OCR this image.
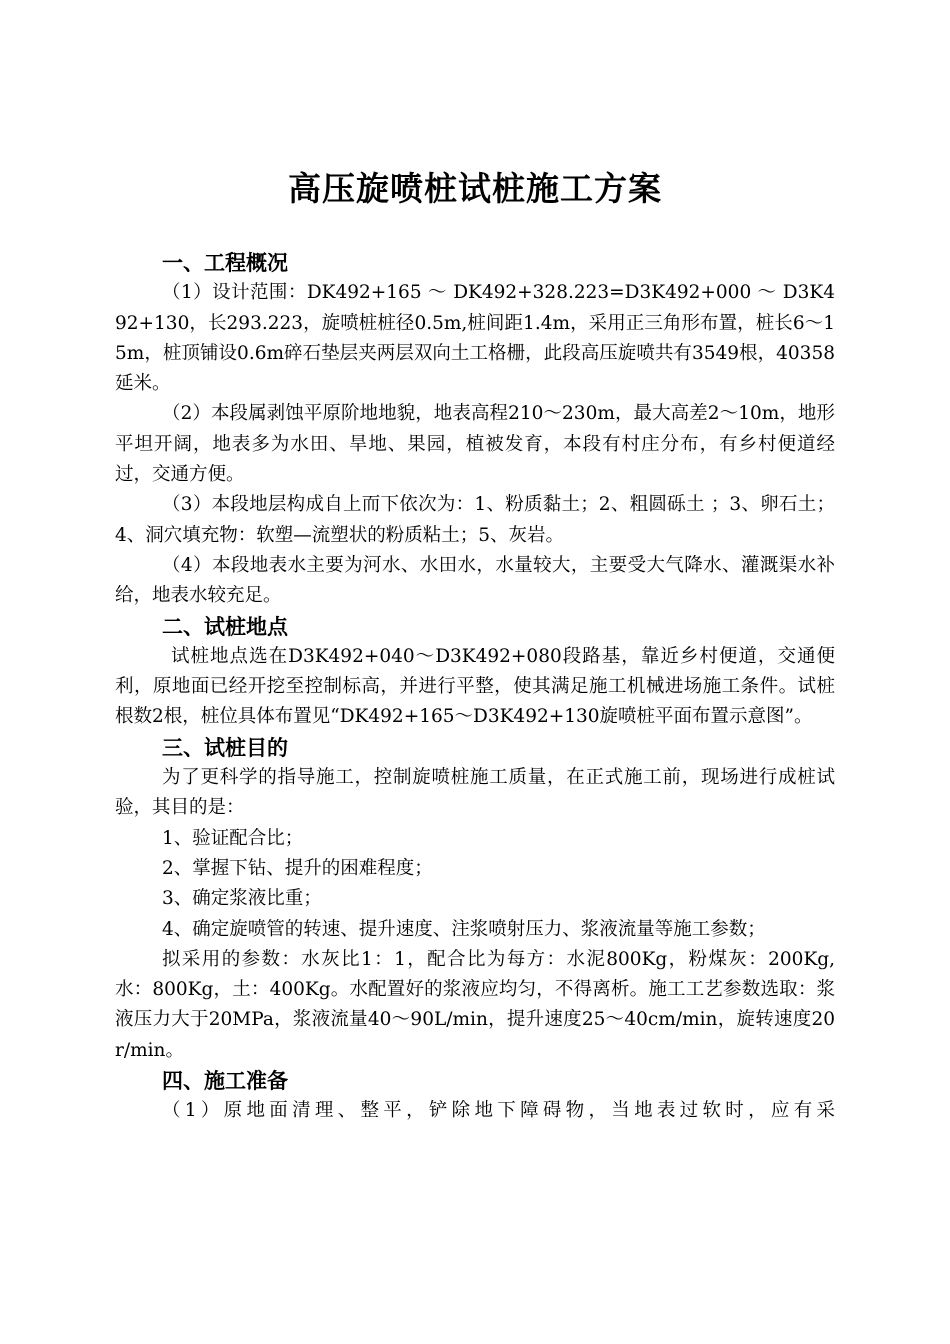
高压旋喷桩试桩施工方案
一、工程概况

（1）设计范围：DK492+165 ～ DK492+328.223=D3K492+000 ～ D3K492+130，长293.223，旋喷桩桩径0.5m,桩间距1.4m，采用正三角形布置，桩长6～15m，桩顶铺设0.6m碎石垫层夹两层双向土工格栅，此段高压旋喷共有3549根，40358延米。

（2）本段属剥蚀平原阶地地貌，地表高程210～230m，最大高差2～10m，地形平坦开阔，地表多为水田、旱地、果园，植被发育，本段有村庄分布，有乡村便道经过，交通方便。

（3）本段地层构成自上而下依次为：1、粉质黏土；2、粗圆砾土 ；3、卵石土；4、洞穴填充物：软塑—流塑状的粉质粘土；5、灰岩。

（4）本段地表水主要为河水、水田水，水量较大，主要受大气降水、灌溉渠水补给，地表水较充足。

二、试桩地点

试桩地点选在D3K492+040～D3K492+080段路基，靠近乡村便道，交通便利，原地面已经开挖至控制标高，并进行平整，使其满足施工机械进场施工条件。试桩根数2根，桩位具体布置见“DK492+165～D3K492+130旋喷桩平面布置示意图”。

三、试桩目的

为了更科学的指导施工，控制旋喷桩施工质量，在正式施工前，现场进行成桩试验，其目的是：

1、验证配合比；

2、掌握下钻、提升的困难程度；

3、确定浆液比重；

4、确定旋喷管的转速、提升速度、注浆喷射压力、浆液流量等施工参数；

拟采用的参数：水灰比1：1，配合比为每方：水泥800Kg，粉煤灰：200Kg, 水：800Kg，土：400Kg。水配置好的浆液应均匀，不得离析。施工工艺参数选取：浆液压力大于20MPa，浆液流量40～90L/min，提升速度25～40cm/min，旋转速度20r/min。

四、施工准备

（1）原地面清理、整平，铲除地下障碍物，当地表过软时，应有采
